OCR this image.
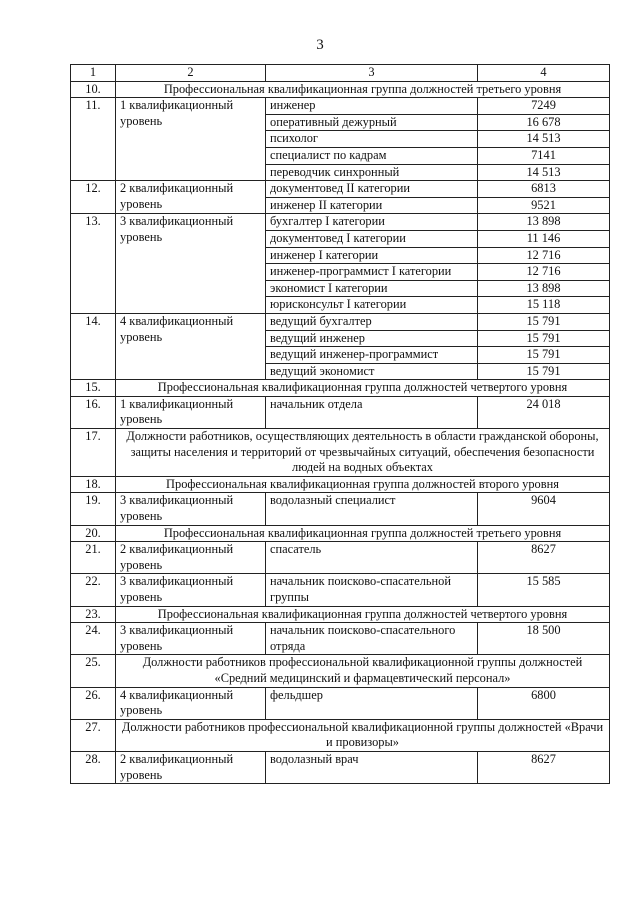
3
1	2	3	4
10.	Профессиональная квалификационная группа должностей третьего уровня		
11.	1 квалификационный уровень	инженер	7249
		оперативный дежурный	16 678
		психолог	14 513
		специалист по кадрам	7141
		переводчик синхронный	14 513
12.	2 квалификационный уровень	документовед II категории	6813
		инженер II категории	9521
13.	3 квалификационный уровень	бухгалтер I категории	13 898
		документовед I категории	11 146
		инженер I категории	12 716
		инженер-программист I категории	12 716
		экономист I категории	13 898
		юрисконсульт I категории	15 118
14.	4 квалификационный уровень	ведущий бухгалтер	15 791
		ведущий инженер	15 791
		ведущий инженер-программист	15 791
		ведущий экономист	15 791
15.	Профессиональная квалификационная группа должностей четвертого уровня		
16.	1 квалификационный уровень	начальник отдела	24 018
17.	Должности работников, осуществляющих деятельность в области гражданской обороны, защиты населения и территорий от чрезвычайных ситуаций, обеспечения безопасности людей на водных объектах		
18.	Профессиональная квалификационная группа должностей второго уровня		
19.	3 квалификационный уровень	водолазный специалист	9604
20.	Профессиональная квалификационная группа должностей третьего уровня		
21.	2 квалификационный уровень	спасатель	8627
22.	3 квалификационный уровень	начальник поисково-спасательной группы	15 585
23.	Профессиональная квалификационная группа должностей четвертого уровня		
24.	3 квалификационный уровень	начальник поисково-спасательного отряда	18 500
25.	Должности работников профессиональной квалификационной группы должностей «Средний медицинский и фармацевтический персонал»		
26.	4 квалификационный уровень	фельдшер	6800
27.	Должности работников профессиональной квалификационной группы должностей «Врачи и провизоры»		
28.	2 квалификационный уровень	водолазный врач	8627
